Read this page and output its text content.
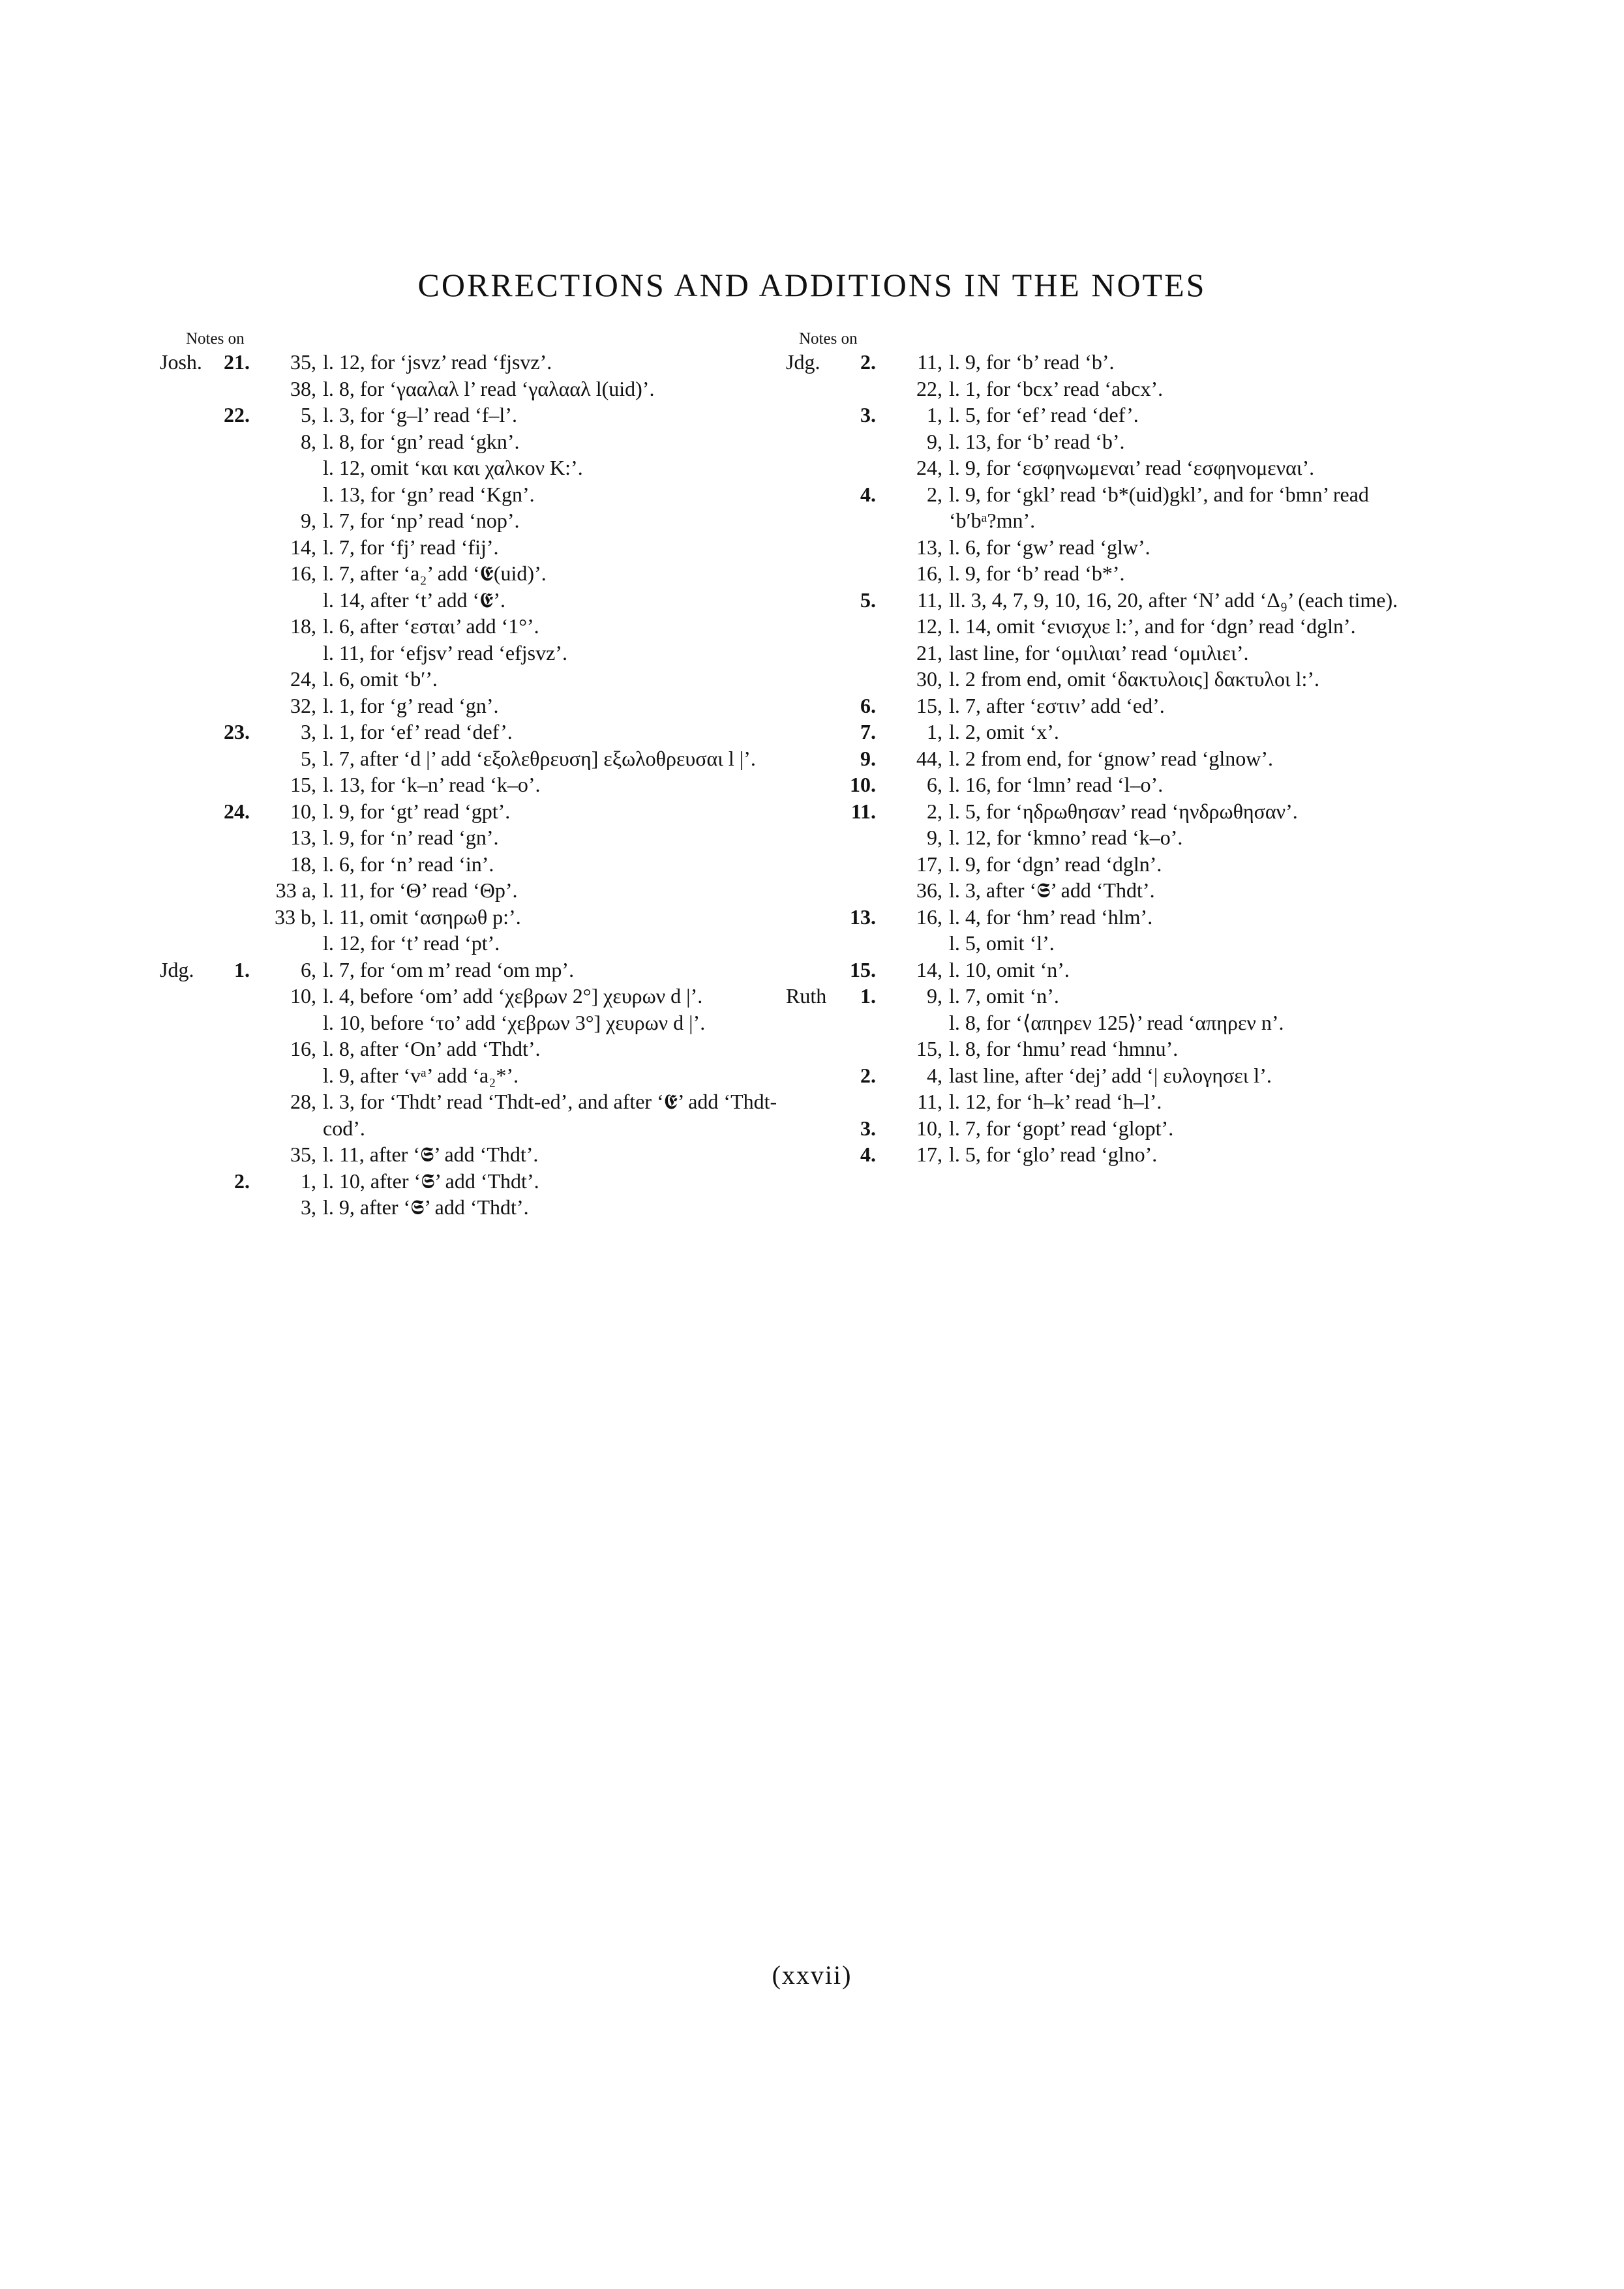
CORRECTIONS AND ADDITIONS IN THE NOTES
Notes on
Josh. 21. 35, l. 12, for ‘jsvz’ read ‘fjsvz’.
38, l. 8, for ‘γααλαλ l’ read ‘γαλααλ l(uid)’.
22. 5, l. 3, for ‘g–l’ read ‘f–l’.
8, l. 8, for ‘gn’ read ‘gkn’.
l. 12, omit ‘και και χαλκον K:’.
l. 13, for ‘gn’ read ‘Kgn’.
9, l. 7, for ‘np’ read ‘nop’.
14, l. 7, for ‘fj’ read ‘fij’.
16, l. 7, after ‘a₂’ add ‘𝕰(uid)’.
l. 14, after ‘t’ add ‘𝕰’.
18, l. 6, after ‘εσται’ add ‘1°’.
l. 11, for ‘efjsv’ read ‘efjsvz’.
24, l. 6, omit ‘b′’.
32, l. 1, for ‘g’ read ‘gn’.
23. 3, l. 1, for ‘ef’ read ‘def’.
5, l. 7, after ‘d |’ add ‘εξολεθρευση] εξωλοθρευσαι l |’.
15, l. 13, for ‘k–n’ read ‘k–o’.
24. 10, l. 9, for ‘gt’ read ‘gpt’.
13, l. 9, for ‘n’ read ‘gn’.
18, l. 6, for ‘n’ read ‘in’.
33 a, l. 11, for ‘Θ’ read ‘Θp’.
33 b, l. 11, omit ‘ασηρωθ p:’.
l. 12, for ‘t’ read ‘pt’.
Jdg. 1. 6, l. 7, for ‘om m’ read ‘om mp’.
10, l. 4, before ‘om’ add ‘χεβρων 2°] χευρων d |’.
l. 10, before ‘το’ add ‘χεβρων 3°] χευρων d |’.
16, l. 8, after ‘On’ add ‘Thdt’.
l. 9, after ‘vᵃ’ add ‘a₂*’.
28, l. 3, for ‘Thdt’ read ‘Thdt-ed’, and after ‘𝕰’ add ‘Thdt-cod’.
35, l. 11, after ‘𝕾’ add ‘Thdt’.
2. 1, l. 10, after ‘𝕾’ add ‘Thdt’.
3, l. 9, after ‘𝕾’ add ‘Thdt’.
Notes on
Jdg. 2. 11, l. 9, for ‘b’ read ‘b’.
22, l. 1, for ‘bcx’ read ‘abcx’.
3. 1, l. 5, for ‘ef’ read ‘def’.
9, l. 13, for ‘b’ read ‘b’.
24, l. 9, for ‘εσφηνωμεναι’ read ‘εσφηνομεναι’.
4. 2, l. 9, for ‘gkl’ read ‘b*(uid)gkl’, and for ‘bmn’ read ‘b′bᵃ?mn’.
13, l. 6, for ‘gw’ read ‘glw’.
16, l. 9, for ‘b’ read ‘b*’.
5. 11, ll. 3, 4, 7, 9, 10, 16, 20, after ‘N’ add ‘Δ₉’ (each time).
12, l. 14, omit ‘ενισχυε l:’, and for ‘dgn’ read ‘dgln’.
21, last line, for ‘ομιλιαι’ read ‘ομιλιει’.
30, l. 2 from end, omit ‘δακτυλοις] δακτυλοι l:’.
6. 15, l. 7, after ‘εστιν’ add ‘ed’.
7. 1, l. 2, omit ‘x’.
9. 44, l. 2 from end, for ‘gnow’ read ‘glnow’.
10. 6, l. 16, for ‘lmn’ read ‘l–o’.
11. 2, l. 5, for ‘ηδρωθησαν’ read ‘ηνδρωθησαν’.
9, l. 12, for ‘kmno’ read ‘k–o’.
17, l. 9, for ‘dgn’ read ‘dgln’.
36, l. 3, after ‘𝕾’ add ‘Thdt’.
13. 16, l. 4, for ‘hm’ read ‘hlm’.
l. 5, omit ‘l’.
15. 14, l. 10, omit ‘n’.
Ruth 1. 9, l. 7, omit ‘n’.
l. 8, for ‘⟨απηρεν 125⟩’ read ‘απηρεν n’.
15, l. 8, for ‘hmu’ read ‘hmnu’.
2. 4, last line, after ‘dej’ add ‘| ευλογησει l’.
11, l. 12, for ‘h–k’ read ‘h–l’.
3. 10, l. 7, for ‘gopt’ read ‘glopt’.
4. 17, l. 5, for ‘glo’ read ‘glno’.
(xxvii)
